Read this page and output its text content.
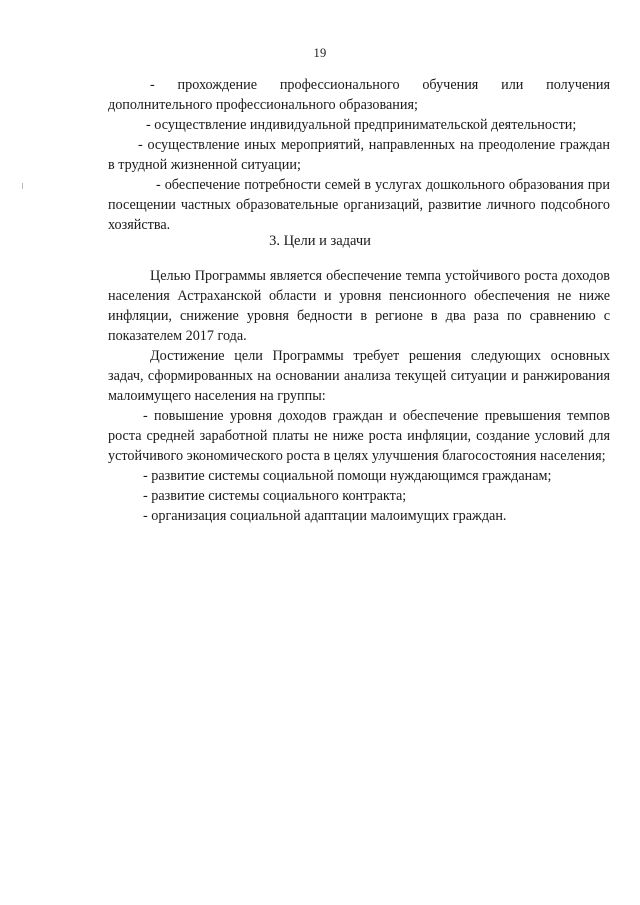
19

- прохождение профессионального обучения или получения дополнительного профессионального образования;

- осуществление индивидуальной предпринимательской деятельности;

- осуществление иных мероприятий, направленных на преодоление граждан в трудной жизненной ситуации;

- обеспечение потребности семей в услугах дошкольного образования при посещении частных образовательные организаций, развитие личного подсобного хозяйства.

3. Цели и задачи

Целью Программы является обеспечение темпа устойчивого роста доходов населения Астраханской области и уровня пенсионного обеспечения не ниже инфляции, снижение уровня бедности в регионе в два раза по сравнению с показателем 2017 года.

Достижение цели Программы требует решения следующих основных задач, сформированных на основании анализа текущей ситуации и ранжирования малоимущего населения на группы:

- повышение уровня доходов граждан и обеспечение превышения темпов роста средней заработной платы не ниже роста инфляции, создание условий для устойчивого экономического роста в целях улучшения благосостояния населения;

- развитие системы социальной помощи нуждающимся гражданам;

- развитие системы социального контракта;

- организация социальной адаптации малоимущих граждан.
